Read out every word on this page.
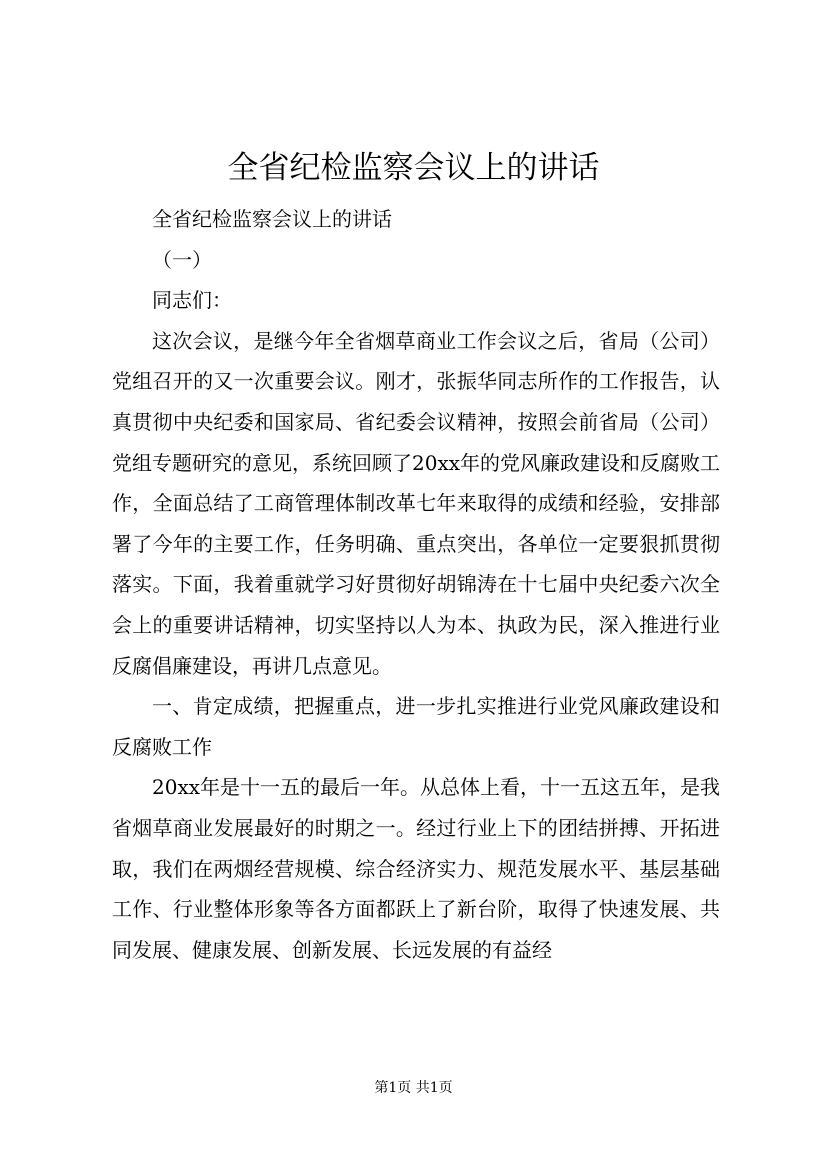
全省纪检监察会议上的讲话

全省纪检监察会议上的讲话

（一）

同志们：

这次会议，是继今年全省烟草商业工作会议之后，省局（公司）党组召开的又一次重要会议。刚才，张振华同志所作的工作报告，认真贯彻中央纪委和国家局、省纪委会议精神，按照会前省局（公司）党组专题研究的意见，系统回顾了20xx年的党风廉政建设和反腐败工作，全面总结了工商管理体制改革七年来取得的成绩和经验，安排部署了今年的主要工作，任务明确、重点突出，各单位一定要狠抓贯彻落实。下面，我着重就学习好贯彻好胡锦涛在十七届中央纪委六次全会上的重要讲话精神，切实坚持以人为本、执政为民，深入推进行业反腐倡廉建设，再讲几点意见。

一、肯定成绩，把握重点，进一步扎实推进行业党风廉政建设和反腐败工作

20xx年是十一五的最后一年。从总体上看，十一五这五年，是我省烟草商业发展最好的时期之一。经过行业上下的团结拼搏、开拓进取，我们在两烟经营规模、综合经济实力、规范发展水平、基层基础工作、行业整体形象等各方面都跃上了新台阶，取得了快速发展、共同发展、健康发展、创新发展、长远发展的有益经

第1页 共1页
